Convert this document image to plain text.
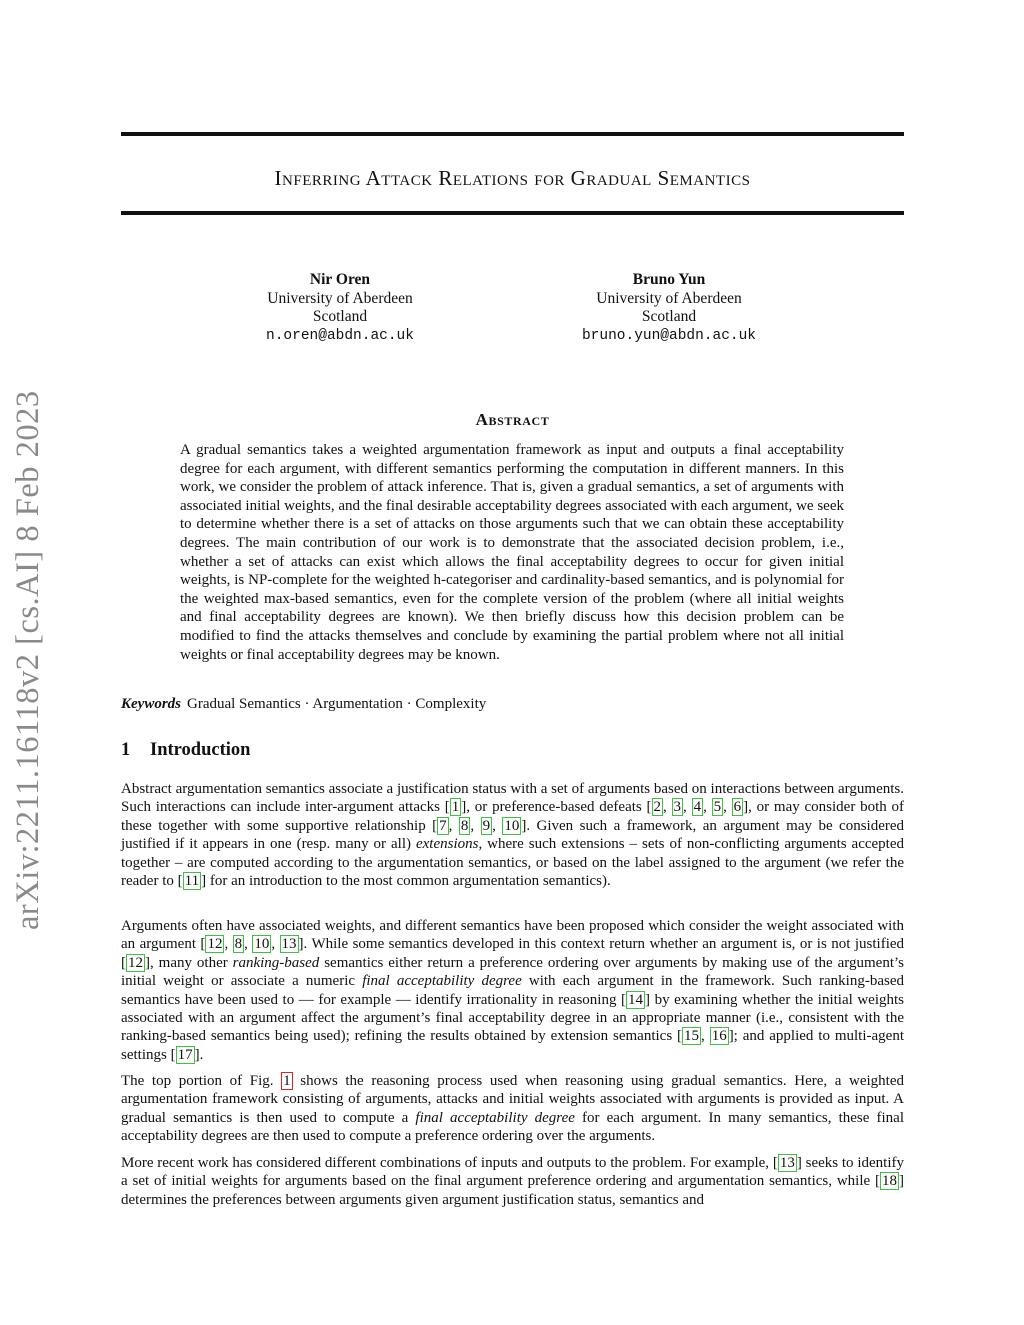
arXiv:2211.16118v2 [cs.AI] 8 Feb 2023
Inferring Attack Relations for Gradual Semantics
Nir Oren
University of Aberdeen
Scotland
n.oren@abdn.ac.uk
Bruno Yun
University of Aberdeen
Scotland
bruno.yun@abdn.ac.uk
Abstract

A gradual semantics takes a weighted argumentation framework as input and outputs a final acceptability degree for each argument, with different semantics performing the computation in different manners. In this work, we consider the problem of attack inference. That is, given a gradual semantics, a set of arguments with associated initial weights, and the final desirable acceptability degrees associated with each argument, we seek to determine whether there is a set of attacks on those arguments such that we can obtain these acceptability degrees. The main contribution of our work is to demonstrate that the associated decision problem, i.e., whether a set of attacks can exist which allows the final acceptability degrees to occur for given initial weights, is NP-complete for the weighted h-categoriser and cardinality-based semantics, and is polynomial for the weighted max-based semantics, even for the complete version of the problem (where all initial weights and final acceptability degrees are known). We then briefly discuss how this decision problem can be modified to find the attacks themselves and conclude by examining the partial problem where not all initial weights or final acceptability degrees may be known.

Keywords Gradual Semantics · Argumentation · Complexity
1 Introduction

Abstract argumentation semantics associate a justification status with a set of arguments based on interactions between arguments. Such interactions can include inter-argument attacks [ 1 ], or preference-based defeats [ 2 , 3 , 4 , 5 , 6 ], or may consider both of these together with some supportive relationship [ 7 , 8 , 9 , 10 ]. Given such a framework, an argument may be considered justified if it appears in one (resp. many or all) extensions, where such extensions – sets of non-conflicting arguments accepted together – are computed according to the argumentation semantics, or based on the label assigned to the argument (we refer the reader to [ 11 ] for an introduction to the most common argumentation semantics).

Arguments often have associated weights, and different semantics have been proposed which consider the weight associated with an argument [ 12 , 8 , 10 , 13 ]. While some semantics developed in this context return whether an argument is, or is not justified [ 12 ], many other ranking-based semantics either return a preference ordering over arguments by making use of the argument’s initial weight or associate a numeric final acceptability degree with each argument in the framework. Such ranking-based semantics have been used to — for example — identify irrationality in reasoning [ 14 ] by examining whether the initial weights associated with an argument affect the argument’s final acceptability degree in an appropriate manner (i.e., consistent with the ranking-based semantics being used); refining the results obtained by extension semantics [ 15 , 16 ]; and applied to multi-agent settings [ 17 ].

The top portion of Fig. 1 shows the reasoning process used when reasoning using gradual semantics. Here, a weighted argumentation framework consisting of arguments, attacks and initial weights associated with arguments is provided as input. A gradual semantics is then used to compute a final acceptability degree for each argument. In many semantics, these final acceptability degrees are then used to compute a preference ordering over the arguments.

More recent work has considered different combinations of inputs and outputs to the problem. For example, [ 13 ] seeks to identify a set of initial weights for arguments based on the final argument preference ordering and argumentation semantics, while [ 18 ] determines the preferences between arguments given argument justification status, semantics and
